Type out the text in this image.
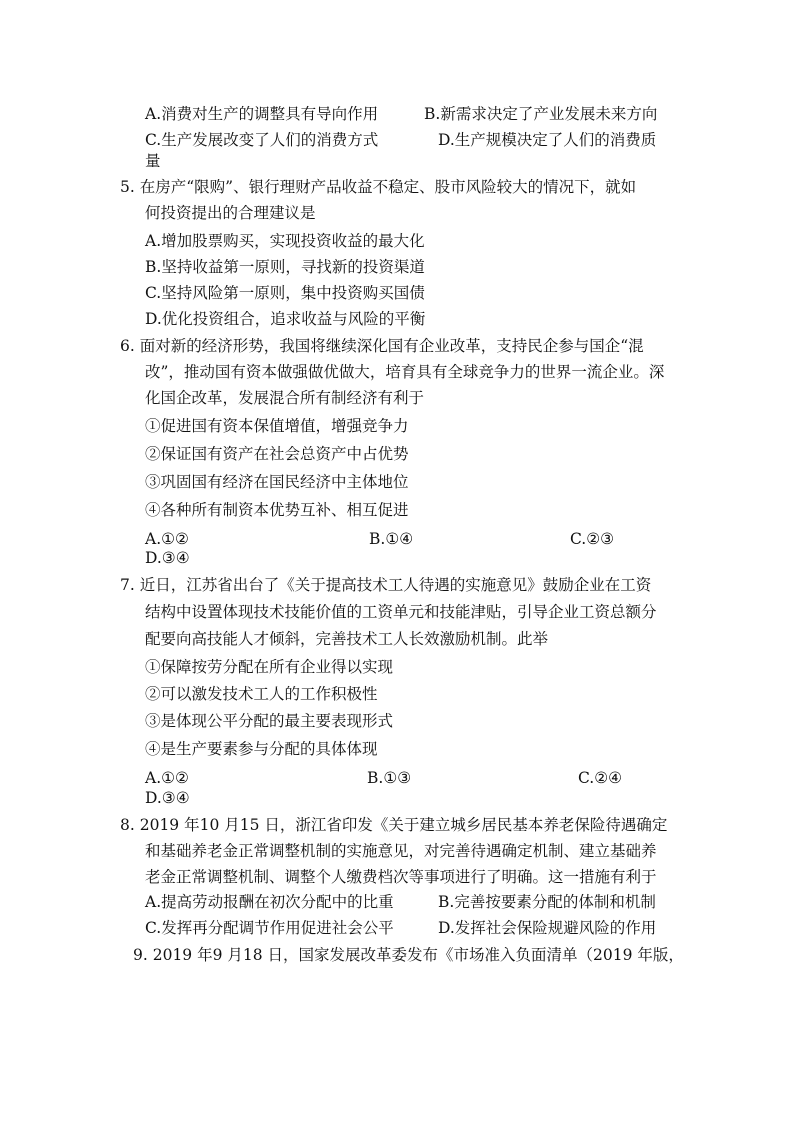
A.消费对生产的调整具有导向作用	B.新需求决定了产业发展未来方向
C.生产发展改变了人们的消费方式	D.生产规模决定了人们的消费质
量
5. 在房产“限购”、银行理财产品收益不稳定、股市风险较大的情况下，就如
何投资提出的合理建议是
A.增加股票购买，实现投资收益的最大化
B.坚持收益第一原则，寻找新的投资渠道
C.坚持风险第一原则，集中投资购买国债
D.优化投资组合，追求收益与风险的平衡
6. 面对新的经济形势，我国将继续深化国有企业改革，支持民企参与国企“混
改”，推动国有资本做强做优做大，培育具有全球竞争力的世界一流企业。深
化国企改革，发展混合所有制经济有利于
①促进国有资本保值增值，增强竞争力
②保证国有资产在社会总资产中占优势
③巩固国有经济在国民经济中主体地位
④各种所有制资本优势互补、相互促进
A.①②	B.①④	C.②③
D.③④
7. 近日，江苏省出台了《关于提高技术工人待遇的实施意见》鼓励企业在工资
结构中设置体现技术技能价值的工资单元和技能津贴，引导企业工资总额分
配要向高技能人才倾斜，完善技术工人长效激励机制。此举
①保障按劳分配在所有企业得以实现
②可以激发技术工人的工作积极性
③是体现公平分配的最主要表现形式
④是生产要素参与分配的具体体现
A.①②	B.①③	C.②④
D.③④
8. 2019 年10 月15 日，浙江省印发《关于建立城乡居民基本养老保险待遇确定
和基础养老金正常调整机制的实施意见，对完善待遇确定机制、建立基础养
老金正常调整机制、调整个人缴费档次等事项进行了明确。这一措施有利于
A.提高劳动报酬在初次分配中的比重	B.完善按要素分配的体制和机制
C.发挥再分配调节作用促进社会公平	D.发挥社会保险规避风险的作用
9. 2019 年9 月18 日，国家发展改革委发布《市场准入负面清单（2019 年版，
